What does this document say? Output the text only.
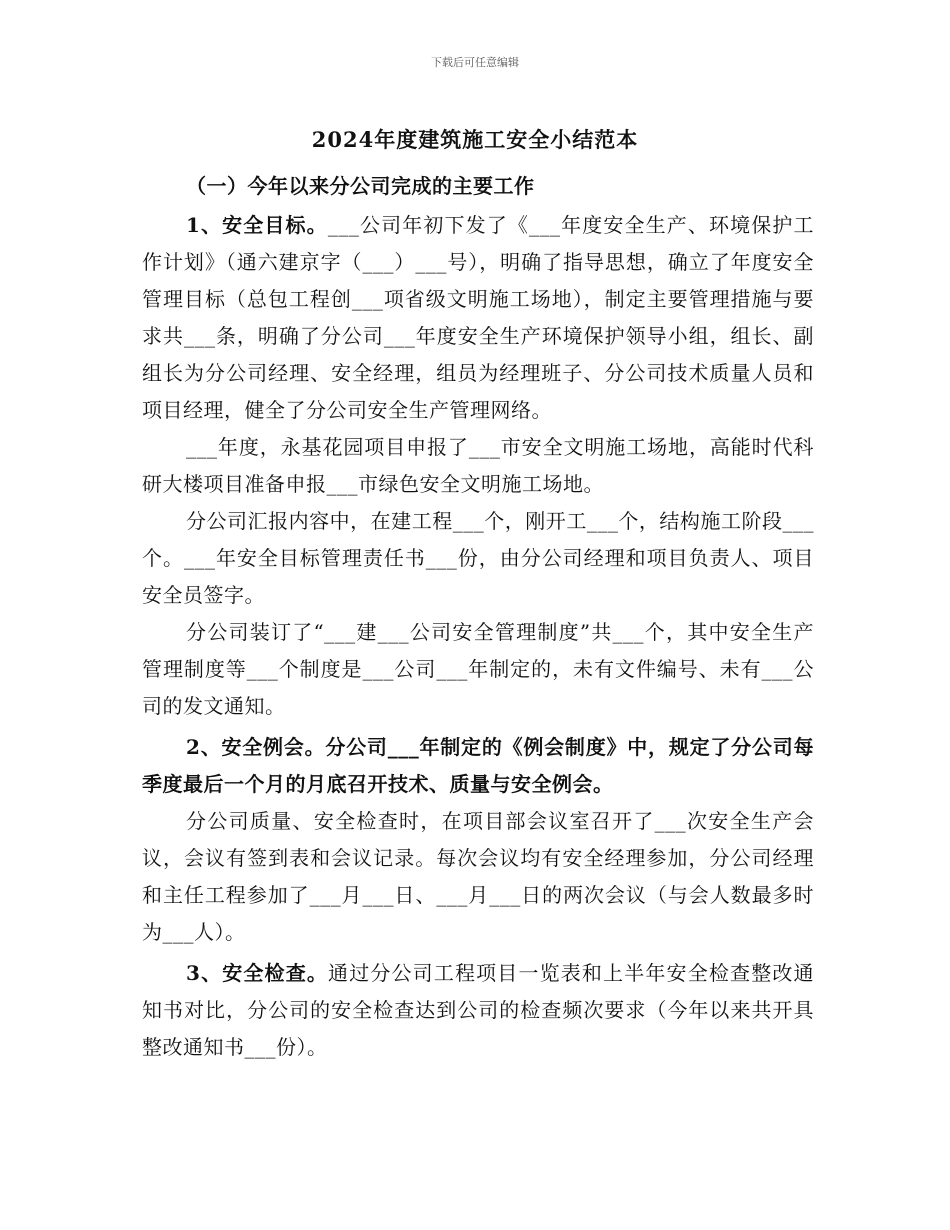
下载后可任意编辑
2024年度建筑施工安全小结范本

（一）今年以来分公司完成的主要工作

1、安全目标。___公司年初下发了《___年度安全生产、环境保护工作计划》（通六建京字（___）___号），明确了指导思想，确立了年度安全管理目标（总包工程创___项省级文明施工场地），制定主要管理措施与要求共___条，明确了分公司___年度安全生产环境保护领导小组，组长、副组长为分公司经理、安全经理，组员为经理班子、分公司技术质量人员和项目经理，健全了分公司安全生产管理网络。

___年度，永基花园项目申报了___市安全文明施工场地，高能时代科研大楼项目准备申报___市绿色安全文明施工场地。

分公司汇报内容中，在建工程___个，刚开工___个，结构施工阶段___个。___年安全目标管理责任书___份，由分公司经理和项目负责人、项目安全员签字。

分公司装订了“___建___公司安全管理制度”共___个，其中安全生产管理制度等___个制度是___公司___年制定的，未有文件编号、未有___公司的发文通知。

2、安全例会。分公司___年制定的《例会制度》中，规定了分公司每季度最后一个月的月底召开技术、质量与安全例会。

分公司质量、安全检查时，在项目部会议室召开了___次安全生产会议，会议有签到表和会议记录。每次会议均有安全经理参加，分公司经理和主任工程参加了___月___日、___月___日的两次会议（与会人数最多时为___人）。

3、安全检查。通过分公司工程项目一览表和上半年安全检查整改通知书对比，分公司的安全检查达到公司的检查频次要求（今年以来共开具整改通知书___份）。
